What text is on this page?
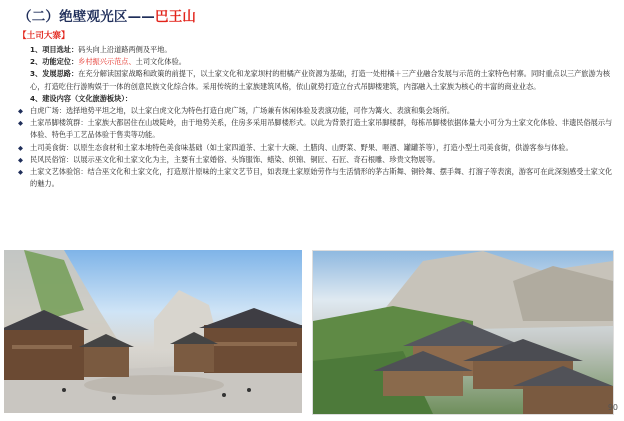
（二）绝壁观光区——巴王山
【土司大寨】

1、项目选址：码头向上沿道路两侧及平地。

2、功能定位：乡村振兴示范点、土司文化体验。

3、发展思路：在充分解读国家战略和政策的前提下，以土家文化和龙家坝村的柑橘产业资源为基础，打造一处柑橘＋三产业融合发展与示范的土家特色村寨。同时重点以三产旅游为核心，打造吃住行游购娱于一体的创意民族文化综合体。采用传统的土家族建筑风格，依山就势打造立台式吊脚楼建筑，内部融入土家族为核心的丰富的商业业态。

4、建设内容（文化旅游板块）：

◆ 白虎广场：选择地势平坦之地，以土家白虎文化为特色打造白虎广场，广场兼有休闲体验及表演功能，可作为篝火、表演和集会场所。

◆ 土家吊脚楼筑群：土家族大都居住在山坡陡岭，由于地势关系，住房多采用吊脚楼形式。以此为背景打造土家吊脚楼群，每栋吊脚楼依据体量大小可分为土家文化体验、非遗民俗展示与体验、特色手工艺品体验于售卖等功能。

◆ 土司美食街：以原生态食材和土家本地特色美食味基础（如土家四道茶、土家十大碗、土腊肉、山野菜、野果、咂酒、罐罐茶等），打造小型土司美食街，供游客参与体验。

◆ 民风民俗馆：以展示巫文化和土家文化为主，主要有土家婚俗、头饰服饰、蜡染、织锦、铜匠、石匠、奇石根雕、珍贵文物展等。

◆ 土家文艺体验馆：结合巫文化和土家文化，打造原汁原味的土家文艺节目，如表现土家原始劳作与生活情形的茅古斯舞、铜铃舞、摆手舞、打溜子等表演，游客可在此深刻感受土家文化的魅力。

90
